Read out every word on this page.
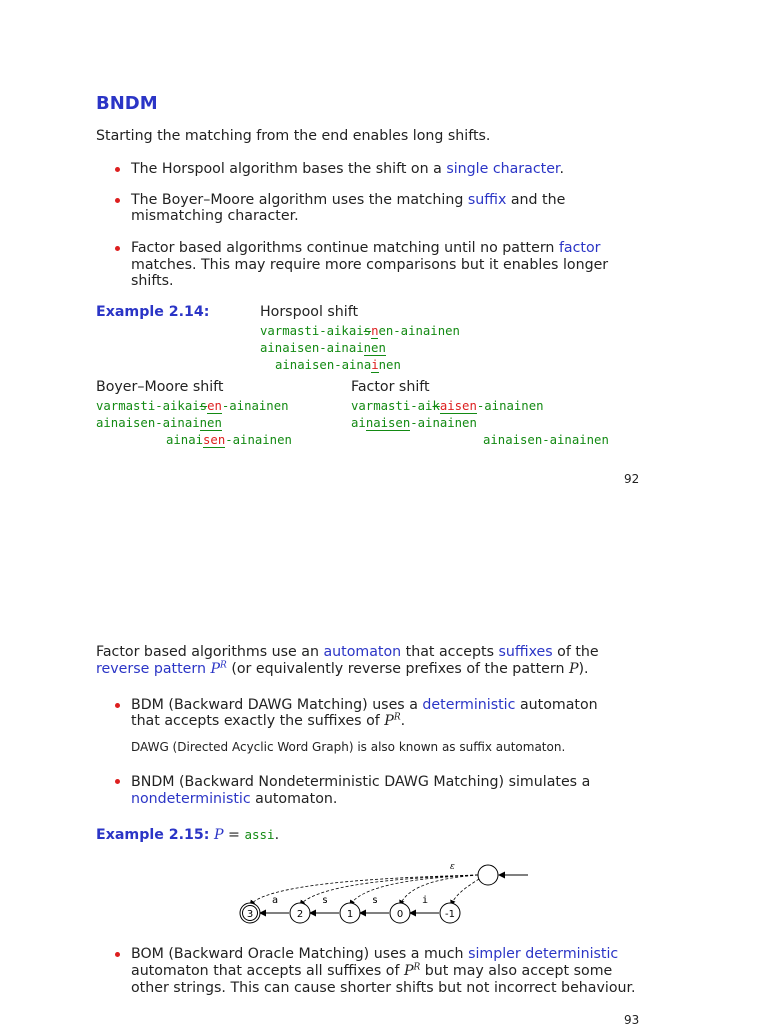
BNDM
Starting the matching from the end enables long shifts.
The Horspool algorithm bases the shift on a single character.
The Boyer–Moore algorithm uses the matching suffix and the
mismatching character.
Factor based algorithms continue matching until no pattern factor
matches. This may require more comparisons but it enables longer
shifts.
Example 2.14:	Horspool shift
varmasti-aikaisnen-ainainen
ainaisen-ainainen
ainaisen-ainainen
Boyer–Moore shift
varmasti-aikaisen-ainainen
ainaisen-ainainen
ainaisen-ainainen
Factor shift
varmasti-aikaisen-ainainen
ainaisen-ainainen
ainaisen-ainainen
92
Factor based algorithms use an automaton that accepts suffixes of the
reverse pattern $P^R$ (or equivalently reverse prefixes of the pattern P).
BDM (Backward DAWG Matching) uses a deterministic automaton
that accepts exactly the suffixes of $P^R$.
DAWG (Directed Acyclic Word Graph) is also known as suffix automaton.
BNDM (Backward Nondeterministic DAWG Matching) simulates a
nondeterministic automaton.
Example 2.15: P = assi.
ε
a	s	s	i
3	2	1	0	-1
BOM (Backward Oracle Matching) uses a much simpler deterministic
automaton that accepts all suffixes of $P^R$ but may also accept some
other strings. This can cause shorter shifts but not incorrect behaviour.
93
